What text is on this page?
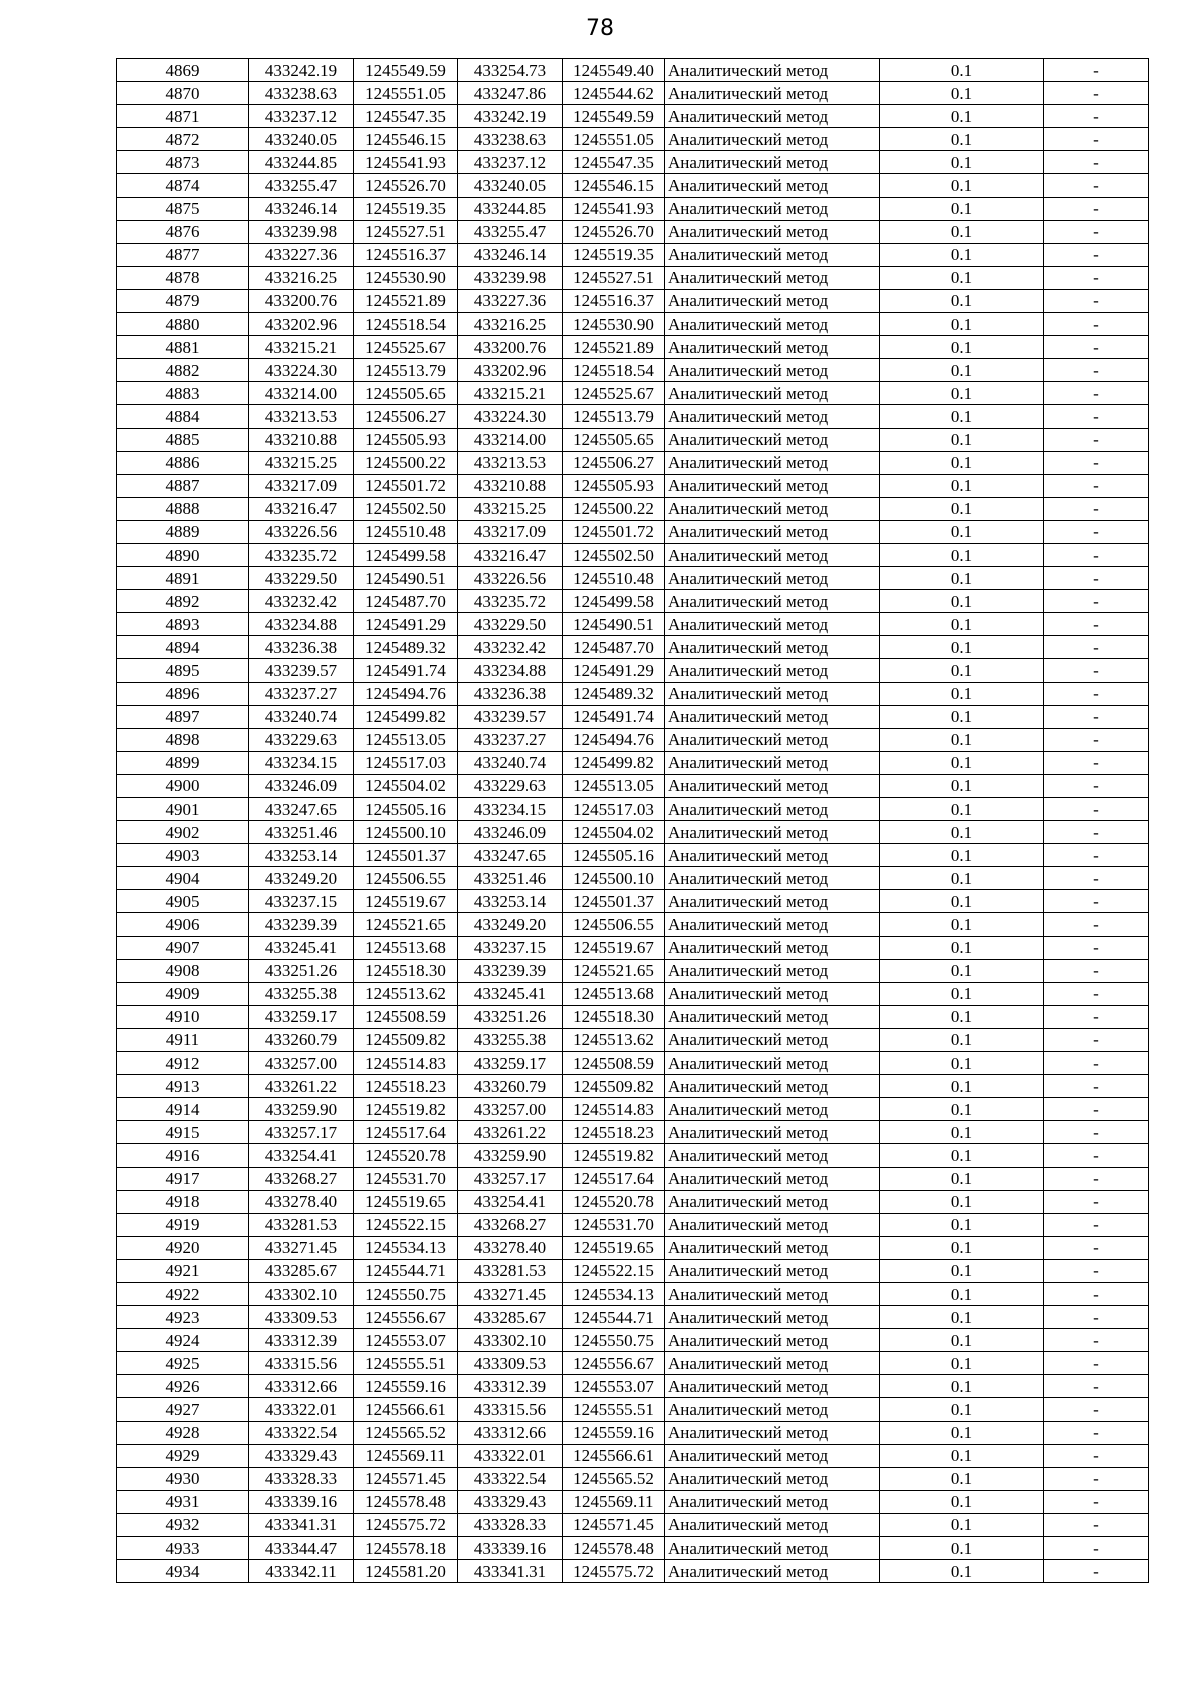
78
4869	433242.19	1245549.59	433254.73	1245549.40	Аналитический метод	0.1	-
4870	433238.63	1245551.05	433247.86	1245544.62	Аналитический метод	0.1	-
4871	433237.12	1245547.35	433242.19	1245549.59	Аналитический метод	0.1	-
4872	433240.05	1245546.15	433238.63	1245551.05	Аналитический метод	0.1	-
4873	433244.85	1245541.93	433237.12	1245547.35	Аналитический метод	0.1	-
4874	433255.47	1245526.70	433240.05	1245546.15	Аналитический метод	0.1	-
4875	433246.14	1245519.35	433244.85	1245541.93	Аналитический метод	0.1	-
4876	433239.98	1245527.51	433255.47	1245526.70	Аналитический метод	0.1	-
4877	433227.36	1245516.37	433246.14	1245519.35	Аналитический метод	0.1	-
4878	433216.25	1245530.90	433239.98	1245527.51	Аналитический метод	0.1	-
4879	433200.76	1245521.89	433227.36	1245516.37	Аналитический метод	0.1	-
4880	433202.96	1245518.54	433216.25	1245530.90	Аналитический метод	0.1	-
4881	433215.21	1245525.67	433200.76	1245521.89	Аналитический метод	0.1	-
4882	433224.30	1245513.79	433202.96	1245518.54	Аналитический метод	0.1	-
4883	433214.00	1245505.65	433215.21	1245525.67	Аналитический метод	0.1	-
4884	433213.53	1245506.27	433224.30	1245513.79	Аналитический метод	0.1	-
4885	433210.88	1245505.93	433214.00	1245505.65	Аналитический метод	0.1	-
4886	433215.25	1245500.22	433213.53	1245506.27	Аналитический метод	0.1	-
4887	433217.09	1245501.72	433210.88	1245505.93	Аналитический метод	0.1	-
4888	433216.47	1245502.50	433215.25	1245500.22	Аналитический метод	0.1	-
4889	433226.56	1245510.48	433217.09	1245501.72	Аналитический метод	0.1	-
4890	433235.72	1245499.58	433216.47	1245502.50	Аналитический метод	0.1	-
4891	433229.50	1245490.51	433226.56	1245510.48	Аналитический метод	0.1	-
4892	433232.42	1245487.70	433235.72	1245499.58	Аналитический метод	0.1	-
4893	433234.88	1245491.29	433229.50	1245490.51	Аналитический метод	0.1	-
4894	433236.38	1245489.32	433232.42	1245487.70	Аналитический метод	0.1	-
4895	433239.57	1245491.74	433234.88	1245491.29	Аналитический метод	0.1	-
4896	433237.27	1245494.76	433236.38	1245489.32	Аналитический метод	0.1	-
4897	433240.74	1245499.82	433239.57	1245491.74	Аналитический метод	0.1	-
4898	433229.63	1245513.05	433237.27	1245494.76	Аналитический метод	0.1	-
4899	433234.15	1245517.03	433240.74	1245499.82	Аналитический метод	0.1	-
4900	433246.09	1245504.02	433229.63	1245513.05	Аналитический метод	0.1	-
4901	433247.65	1245505.16	433234.15	1245517.03	Аналитический метод	0.1	-
4902	433251.46	1245500.10	433246.09	1245504.02	Аналитический метод	0.1	-
4903	433253.14	1245501.37	433247.65	1245505.16	Аналитический метод	0.1	-
4904	433249.20	1245506.55	433251.46	1245500.10	Аналитический метод	0.1	-
4905	433237.15	1245519.67	433253.14	1245501.37	Аналитический метод	0.1	-
4906	433239.39	1245521.65	433249.20	1245506.55	Аналитический метод	0.1	-
4907	433245.41	1245513.68	433237.15	1245519.67	Аналитический метод	0.1	-
4908	433251.26	1245518.30	433239.39	1245521.65	Аналитический метод	0.1	-
4909	433255.38	1245513.62	433245.41	1245513.68	Аналитический метод	0.1	-
4910	433259.17	1245508.59	433251.26	1245518.30	Аналитический метод	0.1	-
4911	433260.79	1245509.82	433255.38	1245513.62	Аналитический метод	0.1	-
4912	433257.00	1245514.83	433259.17	1245508.59	Аналитический метод	0.1	-
4913	433261.22	1245518.23	433260.79	1245509.82	Аналитический метод	0.1	-
4914	433259.90	1245519.82	433257.00	1245514.83	Аналитический метод	0.1	-
4915	433257.17	1245517.64	433261.22	1245518.23	Аналитический метод	0.1	-
4916	433254.41	1245520.78	433259.90	1245519.82	Аналитический метод	0.1	-
4917	433268.27	1245531.70	433257.17	1245517.64	Аналитический метод	0.1	-
4918	433278.40	1245519.65	433254.41	1245520.78	Аналитический метод	0.1	-
4919	433281.53	1245522.15	433268.27	1245531.70	Аналитический метод	0.1	-
4920	433271.45	1245534.13	433278.40	1245519.65	Аналитический метод	0.1	-
4921	433285.67	1245544.71	433281.53	1245522.15	Аналитический метод	0.1	-
4922	433302.10	1245550.75	433271.45	1245534.13	Аналитический метод	0.1	-
4923	433309.53	1245556.67	433285.67	1245544.71	Аналитический метод	0.1	-
4924	433312.39	1245553.07	433302.10	1245550.75	Аналитический метод	0.1	-
4925	433315.56	1245555.51	433309.53	1245556.67	Аналитический метод	0.1	-
4926	433312.66	1245559.16	433312.39	1245553.07	Аналитический метод	0.1	-
4927	433322.01	1245566.61	433315.56	1245555.51	Аналитический метод	0.1	-
4928	433322.54	1245565.52	433312.66	1245559.16	Аналитический метод	0.1	-
4929	433329.43	1245569.11	433322.01	1245566.61	Аналитический метод	0.1	-
4930	433328.33	1245571.45	433322.54	1245565.52	Аналитический метод	0.1	-
4931	433339.16	1245578.48	433329.43	1245569.11	Аналитический метод	0.1	-
4932	433341.31	1245575.72	433328.33	1245571.45	Аналитический метод	0.1	-
4933	433344.47	1245578.18	433339.16	1245578.48	Аналитический метод	0.1	-
4934	433342.11	1245581.20	433341.31	1245575.72	Аналитический метод	0.1	-
